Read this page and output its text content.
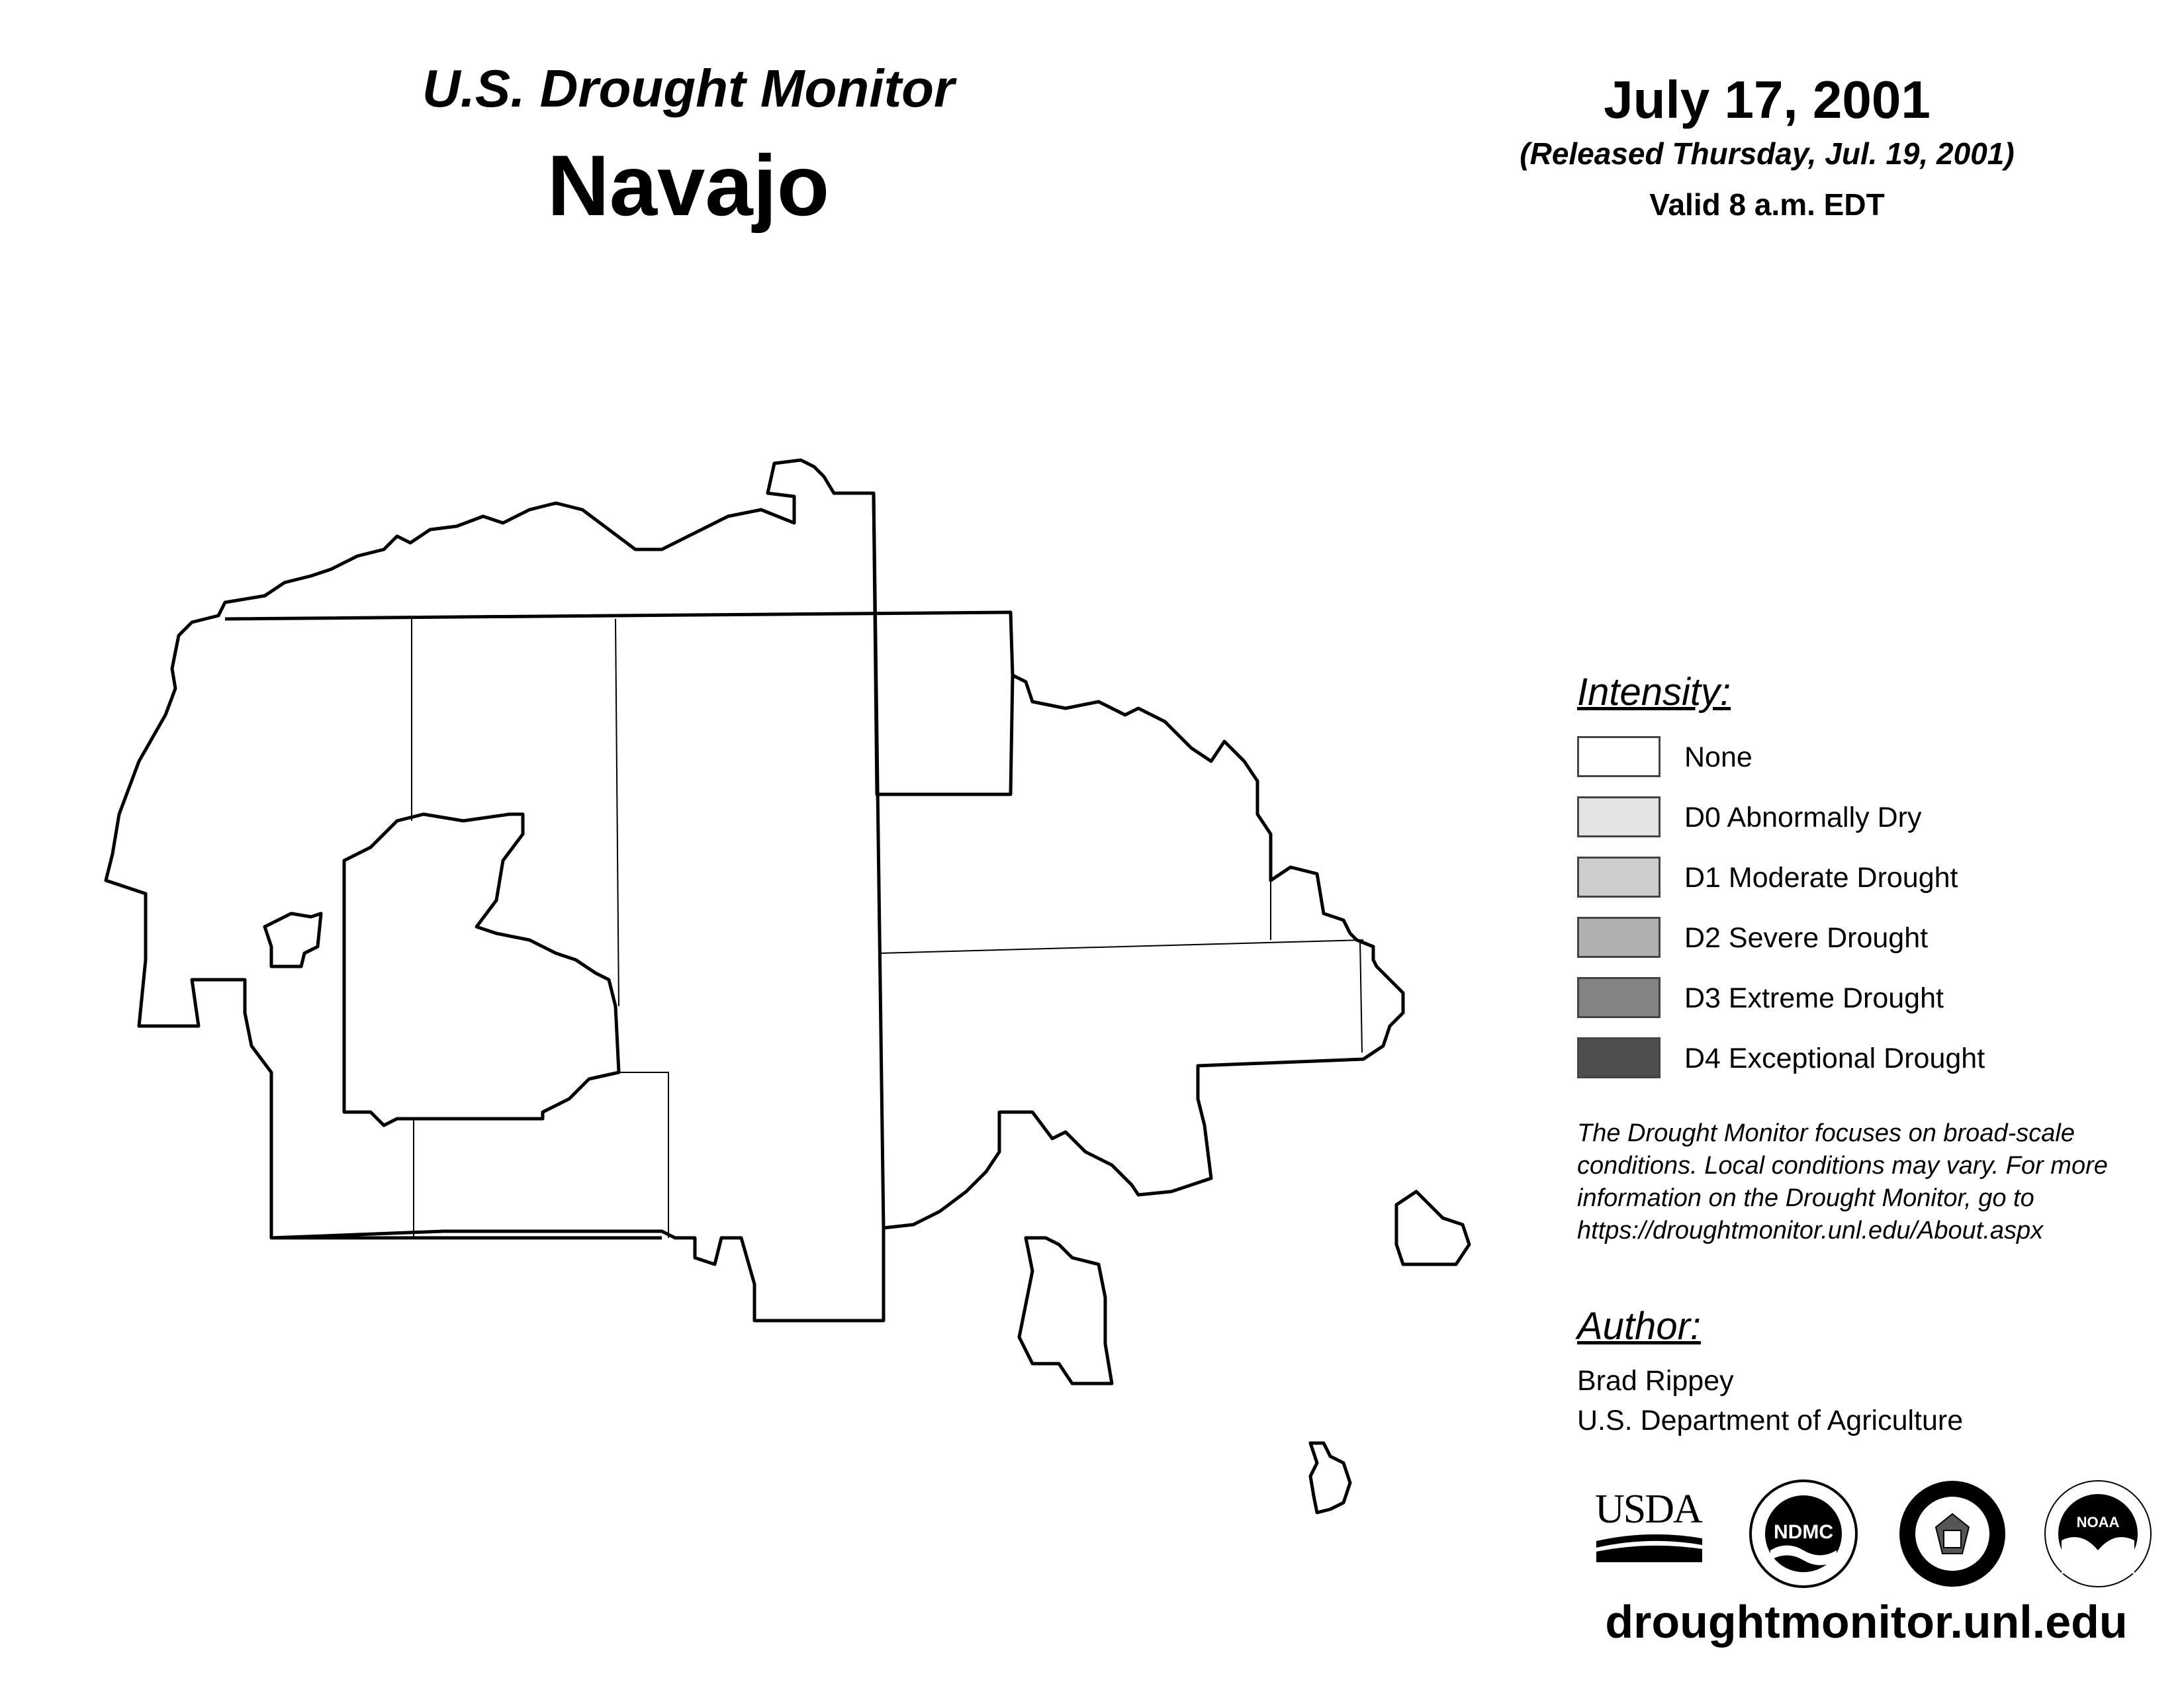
U.S. Drought Monitor
Navajo
July 17, 2001
(Released Thursday, Jul. 19, 2001)
Valid 8 a.m. EDT
Intensity:
None
D0 Abnormally Dry
D1 Moderate Drought
D2 Severe Drought
D3 Extreme Drought
D4 Exceptional Drought
The Drought Monitor focuses on broad-scale
conditions. Local conditions may vary. For more
information on the Drought Monitor, go to
https://droughtmonitor.unl.edu/About.aspx
Author:
Brad Rippey
U.S. Department of Agriculture
USDA
NDMC	NOAA
droughtmonitor.unl.edu
